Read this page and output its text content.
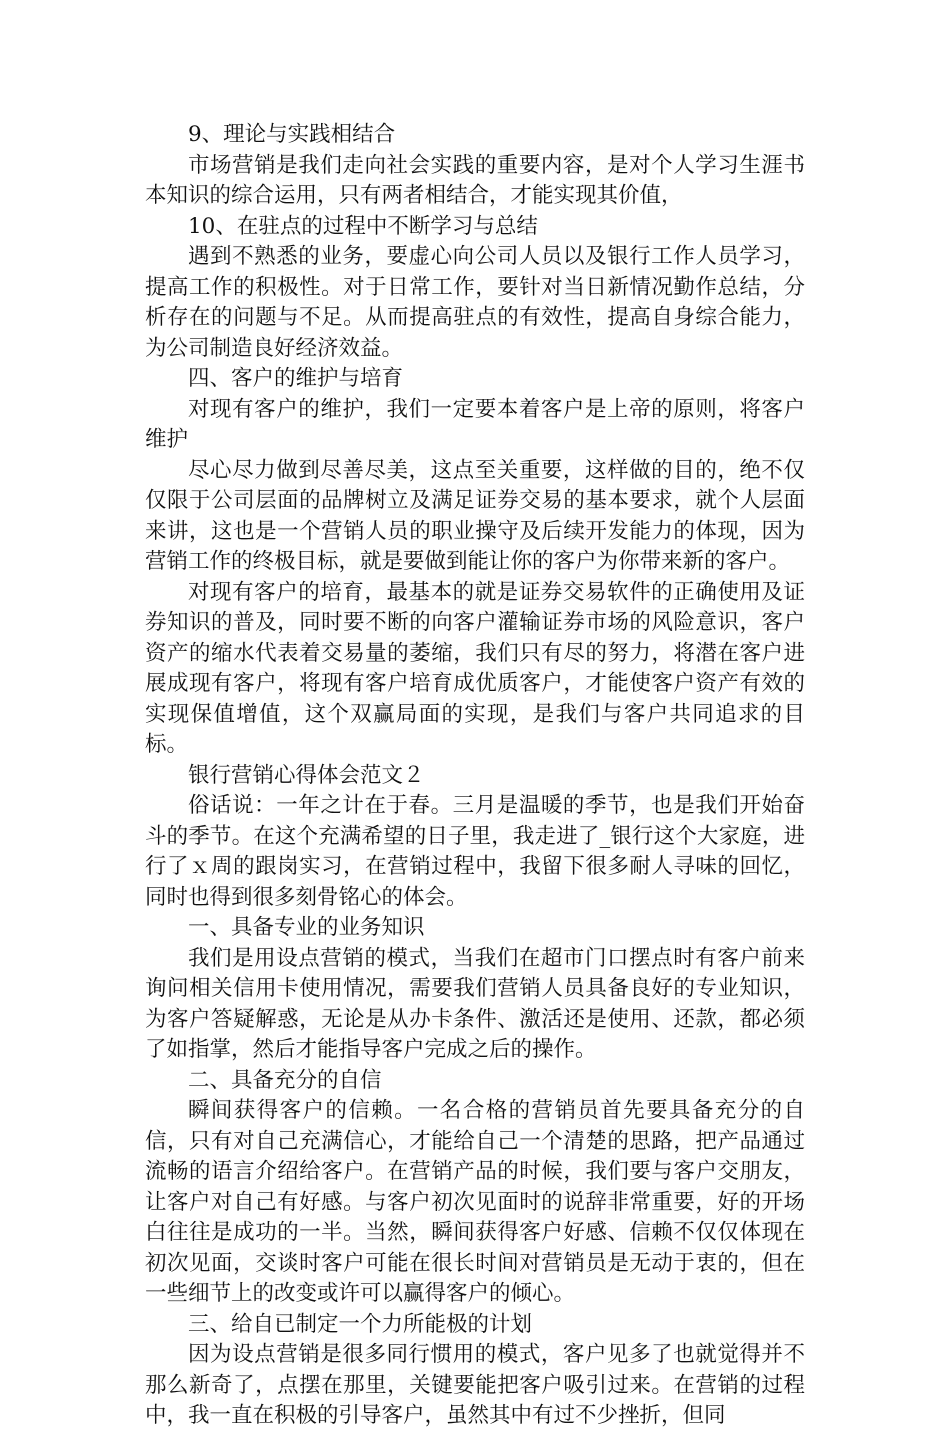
9、理论与实践相结合

市场营销是我们走向社会实践的重要内容，是对个人学习生涯书本知识的综合运用，只有两者相结合，才能实现其价值，

10、在驻点的过程中不断学习与总结

遇到不熟悉的业务，要虚心向公司人员以及银行工作人员学习，提高工作的积极性。对于日常工作，要针对当日新情况勤作总结，分析存在的问题与不足。从而提高驻点的有效性，提高自身综合能力，为公司制造良好经济效益。

四、客户的维护与培育

对现有客户的维护，我们一定要本着客户是上帝的原则，将客户维护

尽心尽力做到尽善尽美，这点至关重要，这样做的目的，绝不仅仅限于公司层面的品牌树立及满足证券交易的基本要求，就个人层面来讲，这也是一个营销人员的职业操守及后续开发能力的体现，因为营销工作的终极目标，就是要做到能让你的客户为你带来新的客户。

对现有客户的培育，最基本的就是证券交易软件的正确使用及证券知识的普及，同时要不断的向客户灌输证券市场的风险意识，客户资产的缩水代表着交易量的萎缩，我们只有尽的努力，将潜在客户进展成现有客户，将现有客户培育成优质客户，才能使客户资产有效的实现保值增值，这个双赢局面的实现，是我们与客户共同追求的目标。

银行营销心得体会范文２

俗话说：一年之计在于春。三月是温暖的季节，也是我们开始奋斗的季节。在这个充满希望的日子里，我走进了_银行这个大家庭，进行了ｘ周的跟岗实习，在营销过程中，我留下很多耐人寻味的回忆，同时也得到很多刻骨铭心的体会。

一、具备专业的业务知识

我们是用设点营销的模式，当我们在超市门口摆点时有客户前来询问相关信用卡使用情况，需要我们营销人员具备良好的专业知识，为客户答疑解惑，无论是从办卡条件、激活还是使用、还款，都必须了如指掌，然后才能指导客户完成之后的操作。

二、具备充分的自信

瞬间获得客户的信赖。一名合格的营销员首先要具备充分的自信，只有对自己充满信心，才能给自己一个清楚的思路，把产品通过流畅的语言介绍给客户。在营销产品的时候，我们要与客户交朋友，让客户对自己有好感。与客户初次见面时的说辞非常重要，好的开场白往往是成功的一半。当然，瞬间获得客户好感、信赖不仅仅体现在初次见面，交谈时客户可能在很长时间对营销员是无动于衷的，但在一些细节上的改变或许可以赢得客户的倾心。

三、给自已制定一个力所能极的计划

因为设点营销是很多同行惯用的模式，客户见多了也就觉得并不那么新奇了，点摆在那里，关键要能把客户吸引过来。在营销的过程中，我一直在积极的引导客户，虽然其中有过不少挫折，但同
